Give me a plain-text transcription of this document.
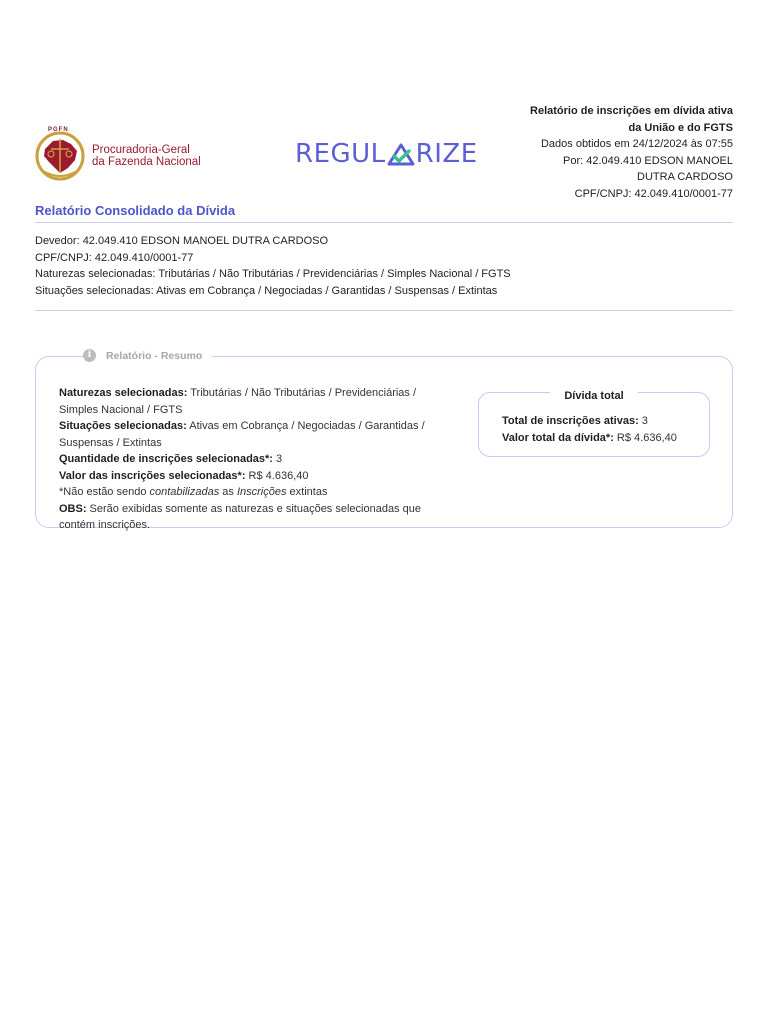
PGFN
Procuradoria-Geral
da Fazenda Nacional	REGUL RIZE
Relatório de inscrições em dívida ativa
da União e do FGTS
Dados obtidos em 24/12/2024 às 07:55
Por: 42.049.410 EDSON MANOEL
DUTRA CARDOSO
CPF/CNPJ: 42.049.410/0001-77
Relatório Consolidado da Dívida
Devedor: 42.049.410 EDSON MANOEL DUTRA CARDOSO
CPF/CNPJ: 42.049.410/0001-77
Naturezas selecionadas: Tributárias / Não Tributárias / Previdenciárias / Simples Nacional / FGTS
Situações selecionadas: Ativas em Cobrança / Negociadas / Garantidas / Suspensas / Extintas
i	Relatório - Resumo
Naturezas selecionadas: Tributárias / Não Tributárias / Previdenciárias /
Simples Nacional / FGTS
Situações selecionadas: Ativas em Cobrança / Negociadas / Garantidas /
Suspensas / Extintas
Quantidade de inscrições selecionadas*: 3
Valor das inscrições selecionadas*: R$ 4.636,40
*Não estão sendo contabilizadas as Inscrições extintas
OBS: Serão exibidas somente as naturezas e situações selecionadas que contém inscrições.
Dívida total
Total de inscrições ativas: 3
Valor total da dívida*: R$ 4.636,40
